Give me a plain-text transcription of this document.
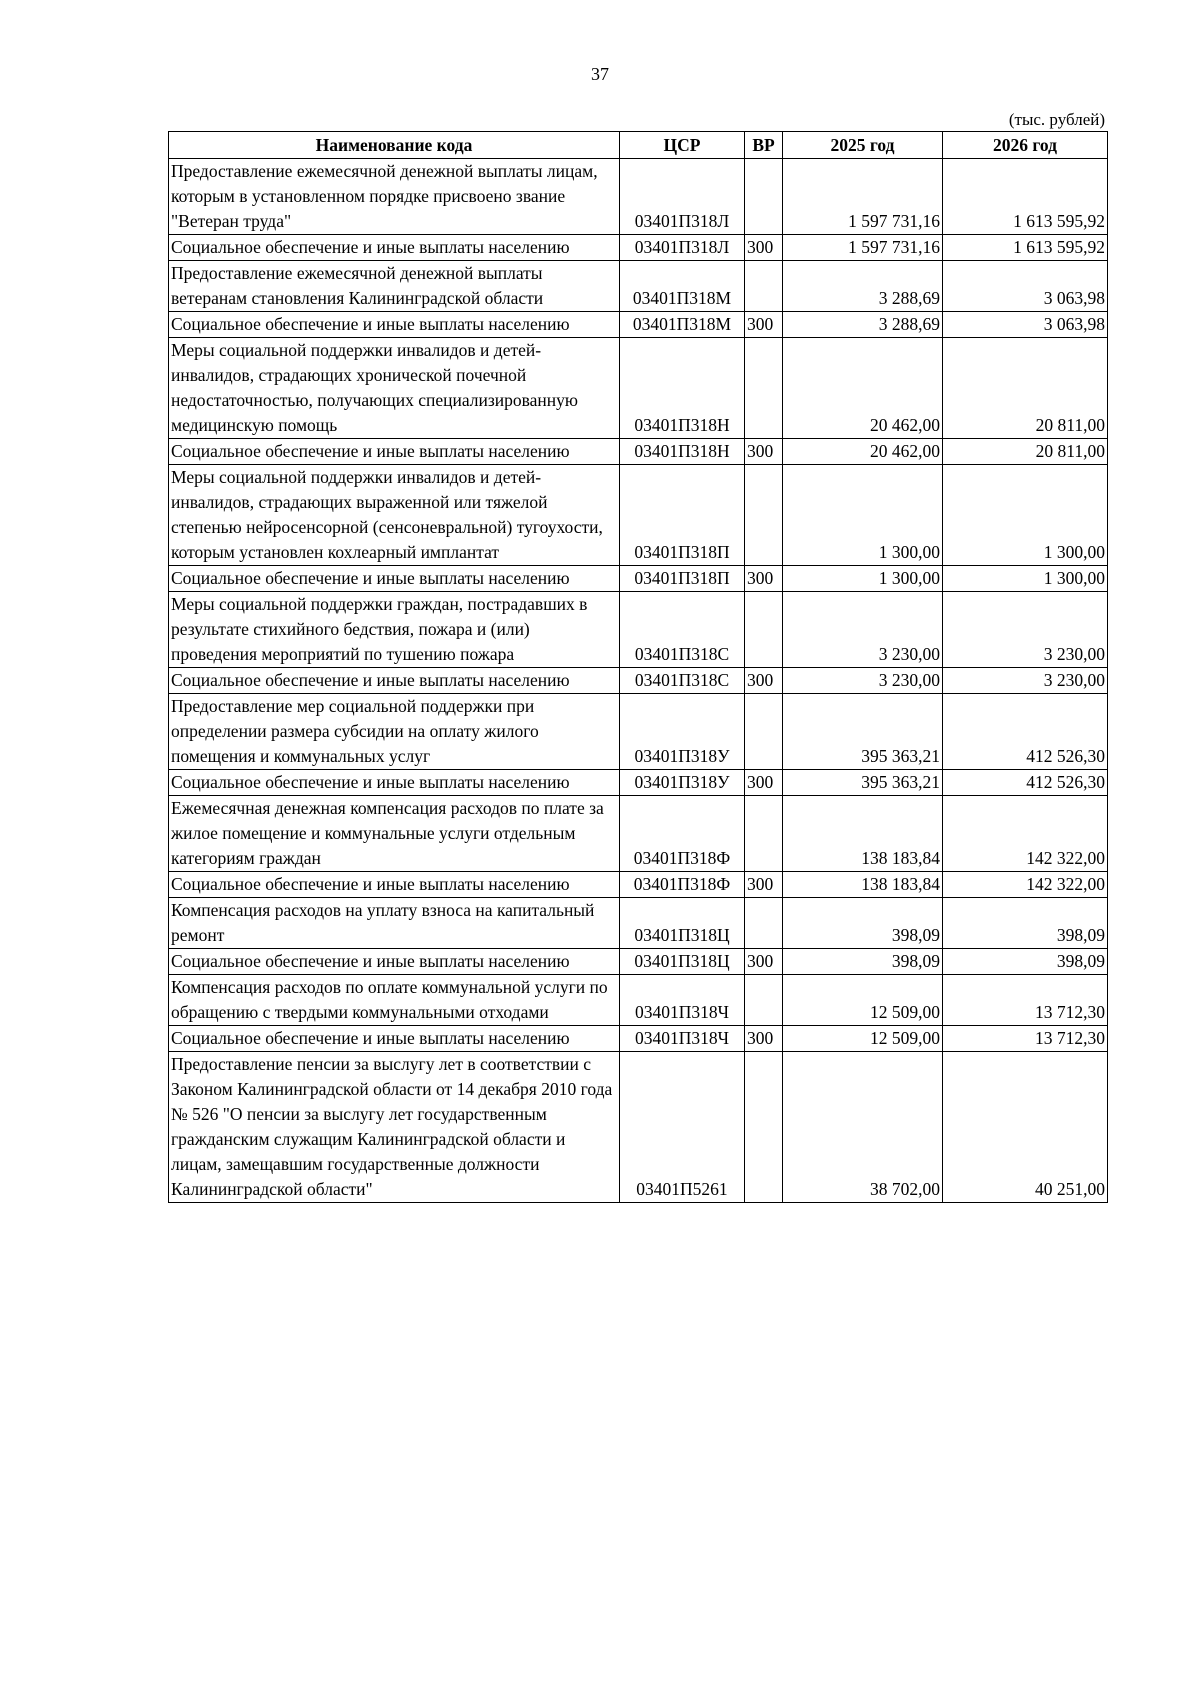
37
(тыс. рублей)
Наименование кода	ЦСР	ВР	2025 год	2026 год
Предоставление ежемесячной денежной выплаты лицам, которым в установленном порядке присвоено звание "Ветеран труда"	03401П318Л		1 597 731,16	1 613 595,92
Социальное обеспечение и иные выплаты населению	03401П318Л	300	1 597 731,16	1 613 595,92
Предоставление ежемесячной денежной выплаты ветеранам становления Калининградской области	03401П318М		3 288,69	3 063,98
Социальное обеспечение и иные выплаты населению	03401П318М	300	3 288,69	3 063,98
Меры социальной поддержки инвалидов и детей-инвалидов, страдающих хронической почечной недостаточностью, получающих специализированную медицинскую помощь	03401П318Н		20 462,00	20 811,00
Социальное обеспечение и иные выплаты населению	03401П318Н	300	20 462,00	20 811,00
Меры социальной поддержки инвалидов и детей-инвалидов, страдающих выраженной или тяжелой степенью нейросенсорной (сенсоневральной) тугоухости, которым установлен кохлеарный имплантат	03401П318П		1 300,00	1 300,00
Социальное обеспечение и иные выплаты населению	03401П318П	300	1 300,00	1 300,00
Меры социальной поддержки граждан, пострадавших в результате стихийного бедствия, пожара и (или) проведения мероприятий по тушению пожара	03401П318С		3 230,00	3 230,00
Социальное обеспечение и иные выплаты населению	03401П318С	300	3 230,00	3 230,00
Предоставление мер социальной поддержки при определении размера субсидии на оплату жилого помещения и коммунальных услуг	03401П318У		395 363,21	412 526,30
Социальное обеспечение и иные выплаты населению	03401П318У	300	395 363,21	412 526,30
Ежемесячная денежная компенсация расходов по плате за жилое помещение и коммунальные услуги отдельным категориям граждан	03401П318Ф		138 183,84	142 322,00
Социальное обеспечение и иные выплаты населению	03401П318Ф	300	138 183,84	142 322,00
Компенсация расходов на уплату взноса на капитальный ремонт	03401П318Ц		398,09	398,09
Социальное обеспечение и иные выплаты населению	03401П318Ц	300	398,09	398,09
Компенсация расходов по оплате коммунальной услуги по обращению с твердыми коммунальными отходами	03401П318Ч		12 509,00	13 712,30
Социальное обеспечение и иные выплаты населению	03401П318Ч	300	12 509,00	13 712,30
Предоставление пенсии за выслугу лет в соответствии с Законом Калининградской области от 14 декабря 2010 года № 526 "О пенсии за выслугу лет государственным гражданским служащим Калининградской области и лицам, замещавшим государственные должности Калининградской области"	03401П5261		38 702,00	40 251,00
